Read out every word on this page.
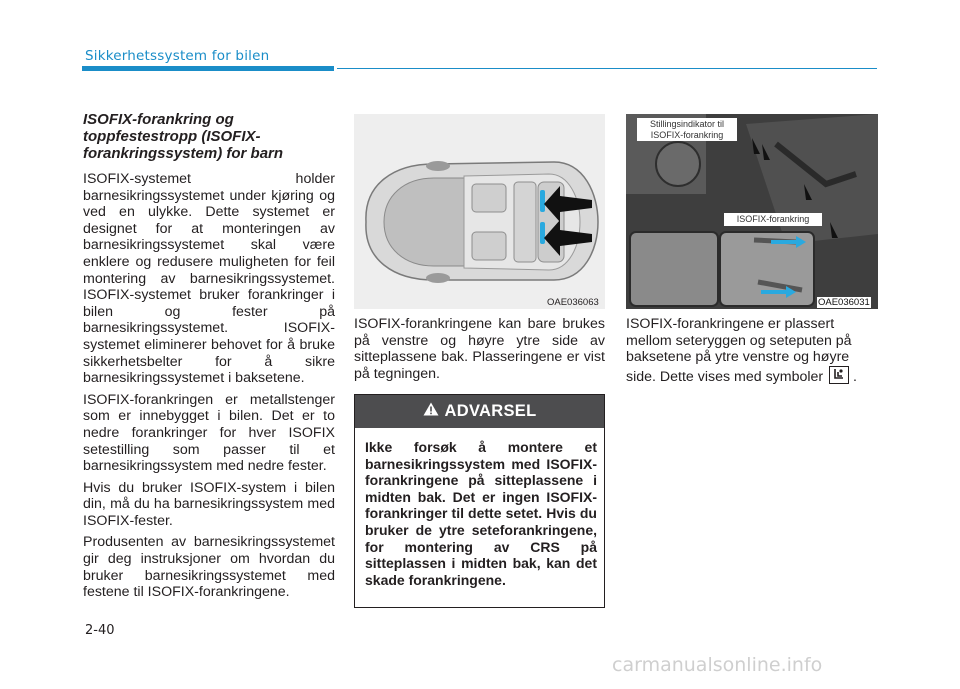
Sikkerhetssystem for bilen
ISOFIX-forankring og toppfestestropp (ISOFIX-forankringssystem) for barn

ISOFIX-systemet holder barnesikringssystemet under kjøring og ved en ulykke. Dette systemet er designet for at monteringen av barnesikringssystemet skal være enklere og redusere muligheten for feil montering av barnesikringssystemet. ISOFIX-systemet bruker forankringer i bilen og fester på barnesikringssystemet. ISOFIX-systemet eliminerer behovet for å bruke sikkerhetsbelter for å sikre barnesikringssystemet i baksetene.

ISOFIX-forankringen er metallstenger som er innebygget i bilen. Det er to nedre forankringer for hver ISOFIX setestilling som passer til et barnesikringssystem med nedre fester.

Hvis du bruker ISOFIX-system i bilen din, må du ha barnesikringssystem med ISOFIX-fester.

Produsenten av barnesikringssystemet gir deg instruksjoner om hvordan du bruker barnesikringssystemet med festene til ISOFIX-forankringene.

OAE036063
Stillingsindikator til ISOFIX-forankring
ISOFIX-forankring
OAE036031
ISOFIX-forankringene kan bare brukes på venstre og høyre ytre side av sitteplassene bak. Plasseringene er vist på tegningen.
ISOFIX-forankringene er plassert mellom seteryggen og seteputen på baksetene på ytre venstre og høyre side. Dette vises med symboler .
ADVARSEL
Ikke forsøk å montere et barnesikringssystem med ISOFIX-forankringene på sitteplassene i midten bak. Det er ingen ISOFIX-forankringer til dette setet. Hvis du bruker de ytre seteforankringene, for montering av CRS på sitteplassen i midten bak, kan det skade forankringene.
2-40
carmanualsonline.info
